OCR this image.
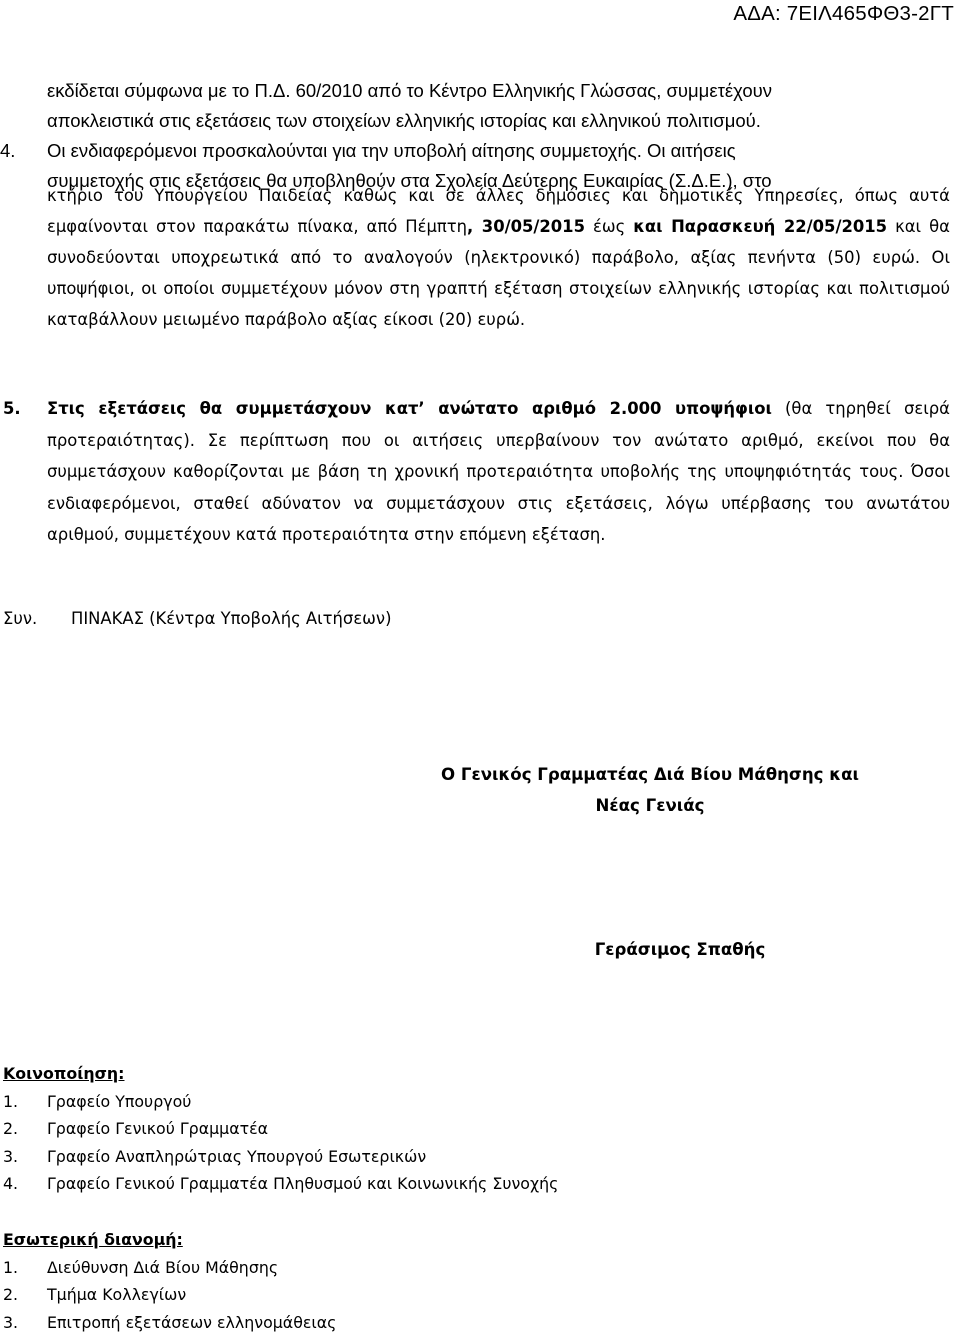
ΑΔΑ: 7ΕΙΛ465ΦΘ3-2ΓΤ

εκδίδεται σύμφωνα με το Π.Δ. 60/2010 από το Κέντρο Ελληνικής Γλώσσας, συμμετέχουν

αποκλειστικά στις εξετάσεις των στοιχείων ελληνικής ιστορίας και ελληνικού πολιτισμού.

4. Οι ενδιαφερόμενοι προσκαλούνται για την υποβολή αίτησης συμμετοχής. Οι αιτήσεις

συμμετοχής στις εξετάσεις θα υποβληθούν στα Σχολεία Δεύτερης Ευκαιρίας (Σ.Δ.Ε.), στο

κτήριο του Υπουργείου Παιδείας καθώς και σε άλλες δημόσιες και δημοτικές Υπηρεσίες, όπως αυτά εμφαίνονται στον παρακάτω πίνακα, από Πέμπτη, 30/05/2015 έως και Παρασκευή 22/05/2015 και θα συνοδεύονται υποχρεωτικά από το αναλογούν (ηλεκτρονικό) παράβολο, αξίας πενήντα (50) ευρώ. Οι υποψήφιοι, οι οποίοι συμμετέχουν μόνον στη γραπτή εξέταση στοιχείων ελληνικής ιστορίας και πολιτισμού καταβάλλουν μειωμένο παράβολο αξίας είκοσι (20) ευρώ.

5. Στις εξετάσεις θα συμμετάσχουν κατ’ ανώτατο αριθμό 2.000 υποψήφιοι (θα τηρηθεί σειρά προτεραιότητας). Σε περίπτωση που οι αιτήσεις υπερβαίνουν τον ανώτατο αριθμό, εκείνοι που θα συμμετάσχουν καθορίζονται με βάση τη χρονική προτεραιότητα υποβολής της υποψηφιότητάς τους. Όσοι ενδιαφερόμενοι, σταθεί αδύνατον να συμμετάσχουν στις εξετάσεις, λόγω υπέρβασης του ανωτάτου αριθμού, συμμετέχουν κατά προτεραιότητα στην επόμενη εξέταση.
Συν. ΠΙΝΑΚΑΣ (Κέντρα Υποβολής Αιτήσεων)
Ο Γενικός Γραμματέας Διά Βίου Μάθησης και
Νέας Γενιάς
Γεράσιμος Σπαθής
Κοινοποίηση:
1. Γραφείο Υπουργού
2. Γραφείο Γενικού Γραμματέα
3. Γραφείο Αναπληρώτριας Υπουργού Εσωτερικών
4. Γραφείο Γενικού Γραμματέα Πληθυσμού και Κοινωνικής Συνοχής
Εσωτερική διανομή:
1. Διεύθυνση Διά Βίου Μάθησης
2. Τμήμα Κολλεγίων
3. Επιτροπή εξετάσεων ελληνομάθειας
